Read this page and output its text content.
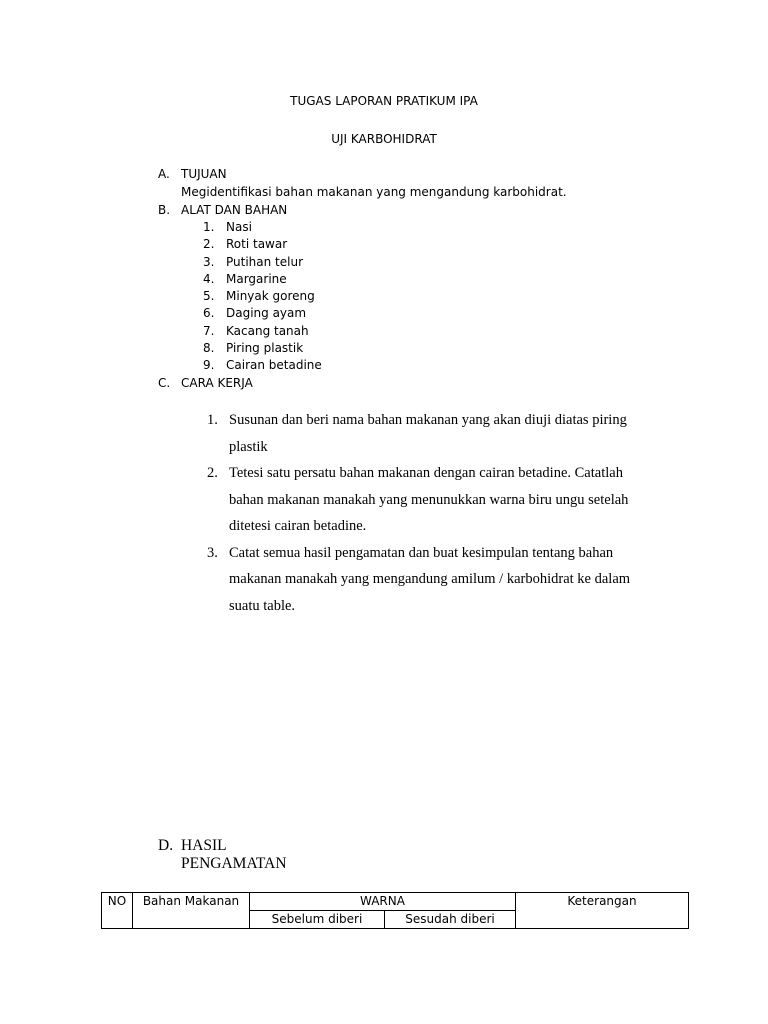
TUGAS LAPORAN PRATIKUM IPA
UJI KARBOHIDRAT
A. TUJUAN
Megidentifikasi bahan makanan yang mengandung karbohidrat.
B. ALAT DAN BAHAN
1. Nasi
2. Roti tawar
3. Putihan telur
4. Margarine
5. Minyak goreng
6. Daging ayam
7. Kacang tanah
8. Piring plastik
9. Cairan betadine
C. CARA KERJA
1. Susunan dan beri nama bahan makanan yang akan diuji diatas piring plastik
2. Tetesi satu persatu bahan makanan dengan cairan betadine. Catatlah bahan makanan manakah yang menunukkan warna biru ungu setelah ditetesi cairan betadine.
3. Catat semua hasil pengamatan dan buat kesimpulan tentang bahan makanan manakah yang mengandung amilum / karbohidrat ke dalam suatu table.
D. HASIL PENGAMATAN
NO	Bahan Makanan	WARNA		Keterangan
		Sebelum diberi	Sesudah diberi	
